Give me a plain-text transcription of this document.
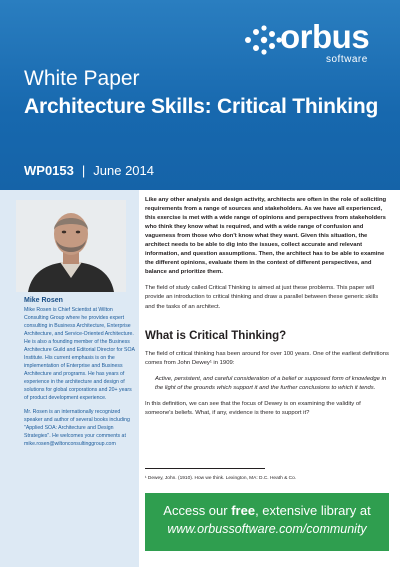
orbus
software
White Paper
Architecture Skills: Critical Thinking
WP0153 | June 2014
Mike Rosen

Mike Rosen is Chief Scientist at Wilton Consulting Group where he provides expert consulting in Business Architecture, Enterprise Architecture, and Service-Oriented Architecture. He is also a founding member of the Business Architecture Guild and Editorial Director for SOA Institute. His current emphasis is on the implementation of Enterprise and Business Architecture and programs. He has years of experience in the architecture and design of solutions for global corporations and 20+ years of product development experience.

Mr. Rosen is an internationally recognized speaker and author of several books including "Applied SOA: Architecture and Design Strategies". He welcomes your comments at mike.rosen@wiltonconsultinggroup.com

Like any other analysis and design activity, architects are often in the role of soliciting requirements from a range of sources and stakeholders. As we have all experienced, this exercise is met with a wide range of opinions and perspectives from stakeholders who think they know what is required, and with a wide range of confusion and vagueness from those who don't know what they want. Given this situation, the architect needs to be able to dig into the issues, collect accurate and relevant information, and question assumptions. Then, the architect has to be able to examine the different opinions, evaluate them in the context of different perspectives, and balance and prioritize them.

The field of study called Critical Thinking is aimed at just these problems. This paper will provide an introduction to critical thinking and draw a parallel between these generic skills and the tasks of an architect.

What is Critical Thinking?

The field of critical thinking has been around for over 100 years. One of the earliest definitions comes from John Dewey¹ in 1909:

Active, persistent, and careful consideration of a belief or supposed form of knowledge in the light of the grounds which support it and the further conclusions to which it tends.

In this definition, we can see that the focus of Dewey is on examining the validity of someone's beliefs. What, if any, evidence is there to support it?

¹ Dewey, John. (1910). How we think. Lexington, MA: D.C. Heath & Co.
Access our free, extensive library at
www.orbussoftware.com/community
